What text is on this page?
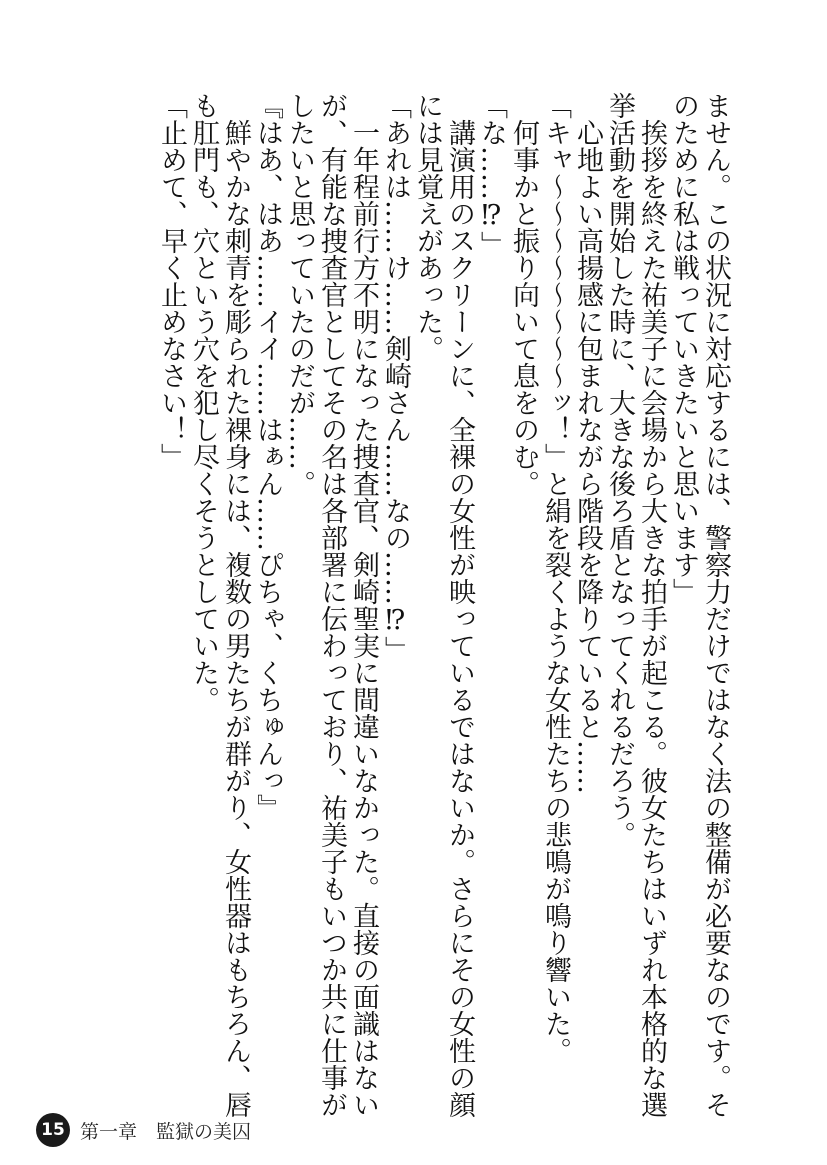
ません。この状況に対応するには、警察力だけではなく法の整備が必要なのです。そ
のために私は戦っていきたいと思います」
　挨拶を終えた祐美子に会場から大きな拍手が起こる。彼女たちはいずれ本格的な選
挙活動を開始した時に、大きな後ろ盾となってくれるだろう。
　心地よい高揚感に包まれながら階段を降りていると……
「キャ～～～～～～～～ッ！」と絹を裂くような女性たちの悲鳴が鳴り響いた。
　何事かと振り向いて息をのむ。
「な……⁉」
　講演用のスクリーンに、全裸の女性が映っているではないか。さらにその女性の顔
には見覚えがあった。
「あれは……け……剣崎さん……なの……⁉」
　一年程前行方不明になった捜査官、剣崎聖実に間違いなかった。直接の面識はない
が、有能な捜査官としてその名は各部署に伝わっており、祐美子もいつか共に仕事が
したいと思っていたのだが……。
『はあ、はあ……イイ……はぁん……ぴちゃ、くちゅんっ』
　鮮やかな刺青を彫られた裸身には、複数の男たちが群がり、女性器はもちろん、唇
も肛門も、穴という穴を犯し尽くそうとしていた。
「止めて、早く止めなさい！」
15 第一章　監獄の美囚
